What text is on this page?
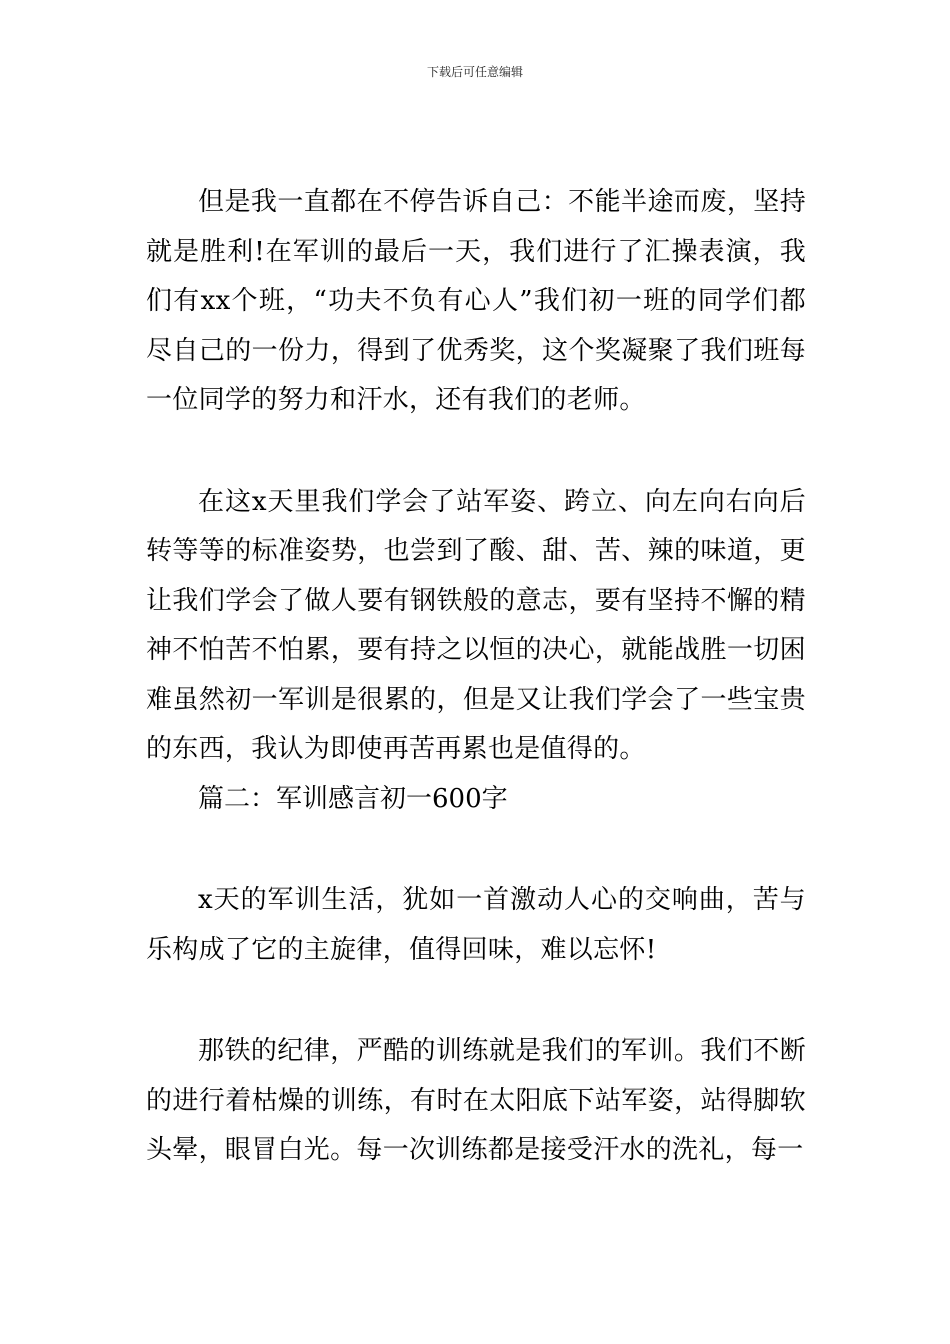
下载后可任意编辑

但是我一直都在不停告诉自己：不能半途而废，坚持就是胜利!在军训的最后一天，我们进行了汇操表演，我们有xx个班，“功夫不负有心人”我们初一班的同学们都尽自己的一份力，得到了优秀奖，这个奖凝聚了我们班每一位同学的努力和汗水，还有我们的老师。

在这x天里我们学会了站军姿、跨立、向左向右向后转等等的标准姿势，也尝到了酸、甜、苦、辣的味道，更让我们学会了做人要有钢铁般的意志，要有坚持不懈的精神不怕苦不怕累，要有持之以恒的决心，就能战胜一切困难虽然初一军训是很累的，但是又让我们学会了一些宝贵的东西，我认为即使再苦再累也是值得的。

篇二：军训感言初一600字

x天的军训生活，犹如一首激动人心的交响曲，苦与乐构成了它的主旋律，值得回味，难以忘怀!

那铁的纪律，严酷的训练就是我们的军训。我们不断的进行着枯燥的训练，有时在太阳底下站军姿，站得脚软头晕，眼冒白光。每一次训练都是接受汗水的洗礼，每一
